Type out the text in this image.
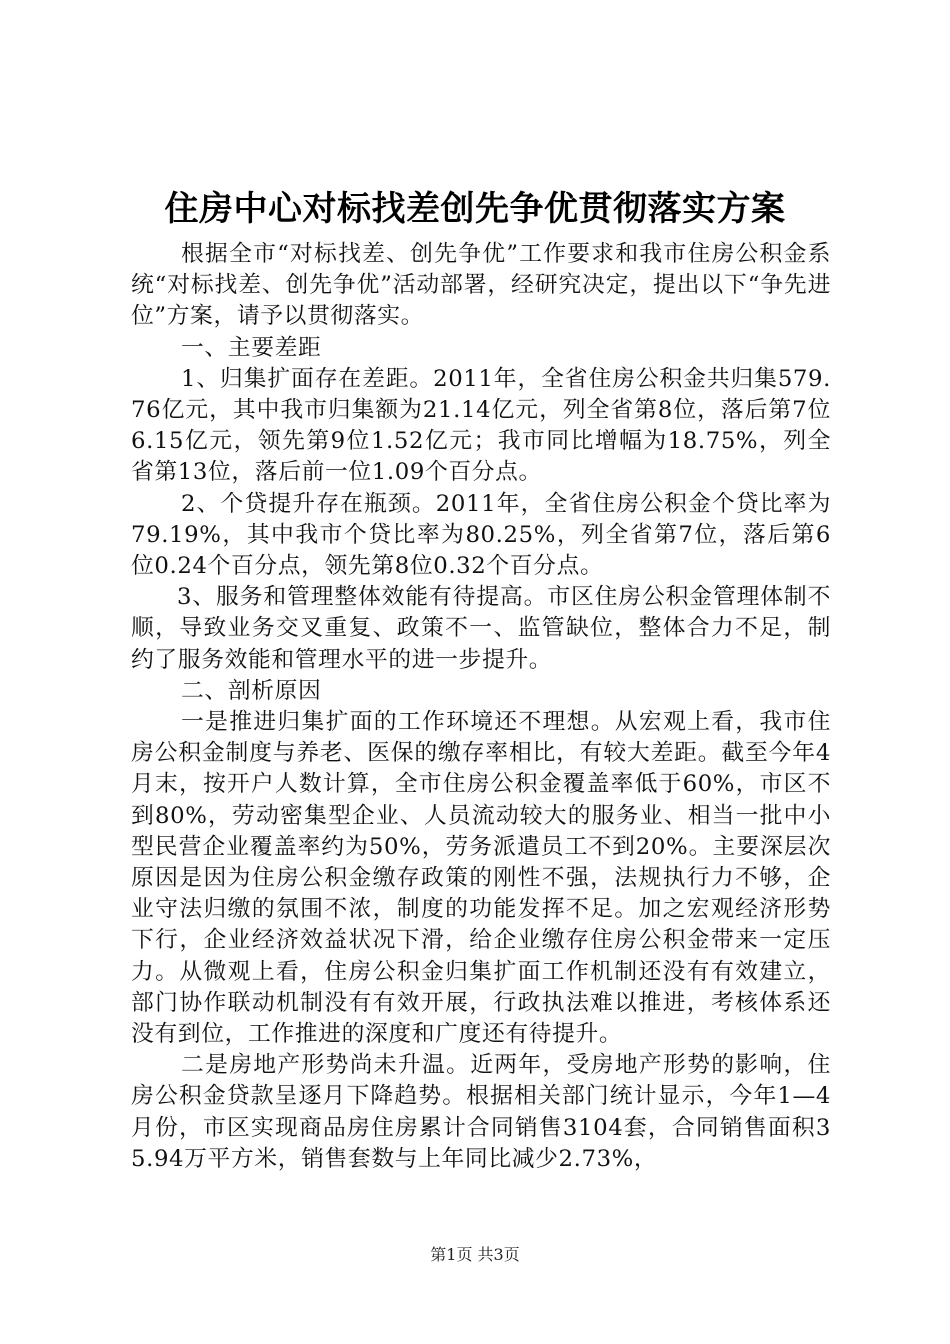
住房中心对标找差创先争优贯彻落实方案

根据全市“对标找差、创先争优”工作要求和我市住房公积金系统“对标找差、创先争优”活动部署，经研究决定，提出以下“争先进位”方案，请予以贯彻落实。

一、主要差距

1、归集扩面存在差距。2011年，全省住房公积金共归集579.76亿元，其中我市归集额为21.14亿元，列全省第8位，落后第7位6.15亿元，领先第9位1.52亿元；我市同比增幅为18.75%，列全省第13位，落后前一位1.09个百分点。

2、个贷提升存在瓶颈。2011年，全省住房公积金个贷比率为79.19%，其中我市个贷比率为80.25%，列全省第7位，落后第6位0.24个百分点，领先第8位0.32个百分点。

3、服务和管理整体效能有待提高。市区住房公积金管理体制不顺，导致业务交叉重复、政策不一、监管缺位，整体合力不足，制约了服务效能和管理水平的进一步提升。

二、剖析原因

一是推进归集扩面的工作环境还不理想。从宏观上看，我市住房公积金制度与养老、医保的缴存率相比，有较大差距。截至今年4月末，按开户人数计算，全市住房公积金覆盖率低于60%，市区不到80%，劳动密集型企业、人员流动较大的服务业、相当一批中小型民营企业覆盖率约为50%，劳务派遣员工不到20%。主要深层次原因是因为住房公积金缴存政策的刚性不强，法规执行力不够，企业守法归缴的氛围不浓，制度的功能发挥不足。加之宏观经济形势下行，企业经济效益状况下滑，给企业缴存住房公积金带来一定压力。从微观上看，住房公积金归集扩面工作机制还没有有效建立，部门协作联动机制没有有效开展，行政执法难以推进，考核体系还没有到位，工作推进的深度和广度还有待提升。

二是房地产形势尚未升温。近两年，受房地产形势的影响，住房公积金贷款呈逐月下降趋势。根据相关部门统计显示，今年1—4月份，市区实现商品房住房累计合同销售3104套，合同销售面积35.94万平方米，销售套数与上年同比减少2.73%，

第1页 共3页
